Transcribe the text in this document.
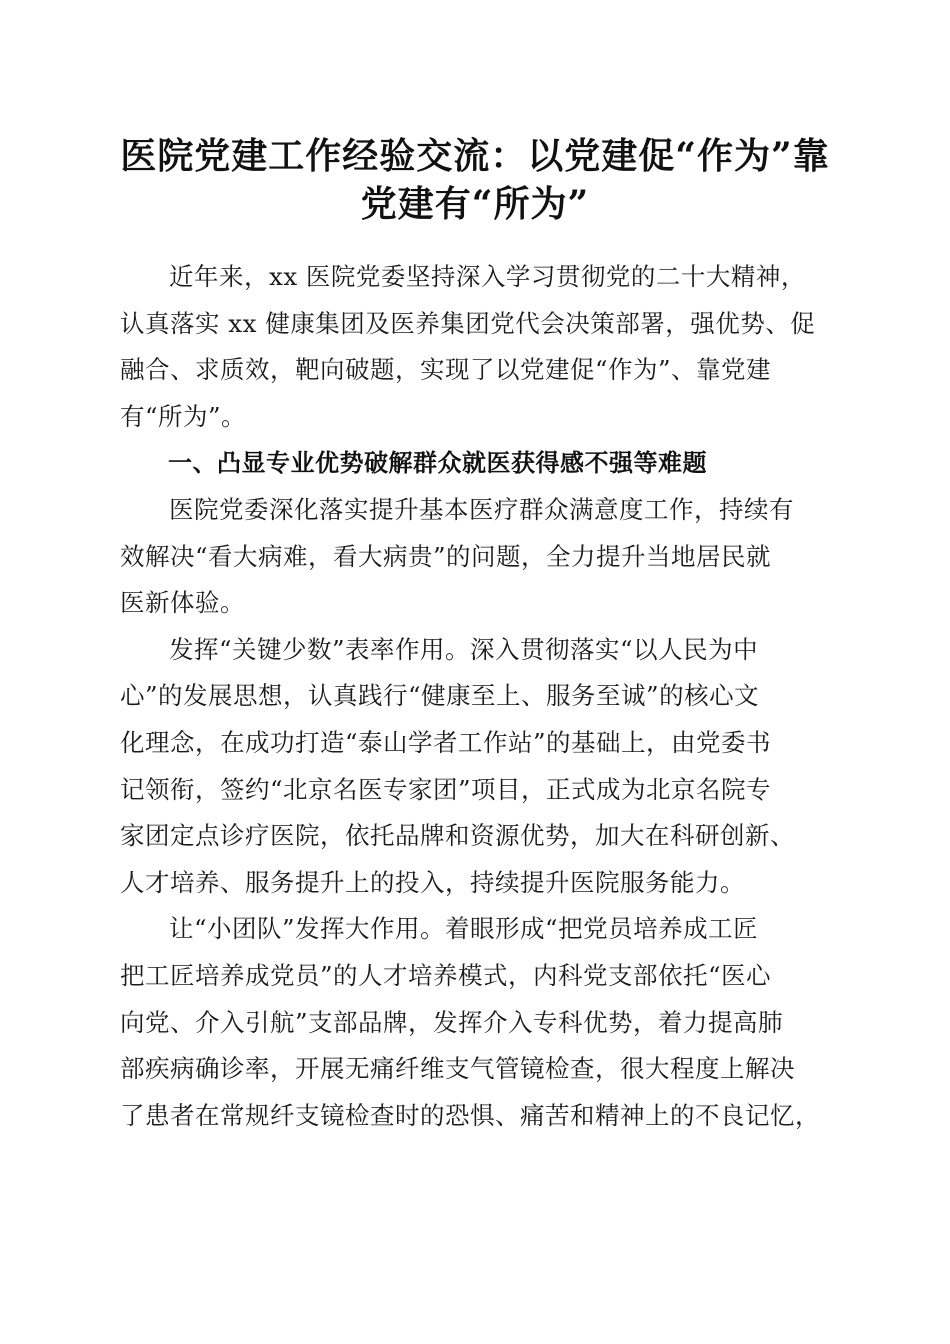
医院党建工作经验交流：以党建促“作为”靠
党建有“所为”

近年来，xx 医院党委坚持深入学习贯彻党的二十大精神，
认真落实 xx 健康集团及医养集团党代会决策部署，强优势、促
融合、求质效，靶向破题，实现了以党建促“作为”、靠党建
有“所为”。

一、凸显专业优势破解群众就医获得感不强等难题

医院党委深化落实提升基本医疗群众满意度工作，持续有
效解决“看大病难，看大病贵”的问题，全力提升当地居民就
医新体验。

发挥“关键少数”表率作用。深入贯彻落实“以人民为中
心”的发展思想，认真践行“健康至上、服务至诚”的核心文
化理念，在成功打造“泰山学者工作站”的基础上，由党委书
记领衔，签约“北京名医专家团”项目，正式成为北京名院专
家团定点诊疗医院，依托品牌和资源优势，加大在科研创新、
人才培养、服务提升上的投入，持续提升医院服务能力。

让“小团队”发挥大作用。着眼形成“把党员培养成工匠
把工匠培养成党员”的人才培养模式，内科党支部依托“医心
向党、介入引航”支部品牌，发挥介入专科优势，着力提高肺
部疾病确诊率，开展无痛纤维支气管镜检查，很大程度上解决
了患者在常规纤支镜检查时的恐惧、痛苦和精神上的不良记忆，
